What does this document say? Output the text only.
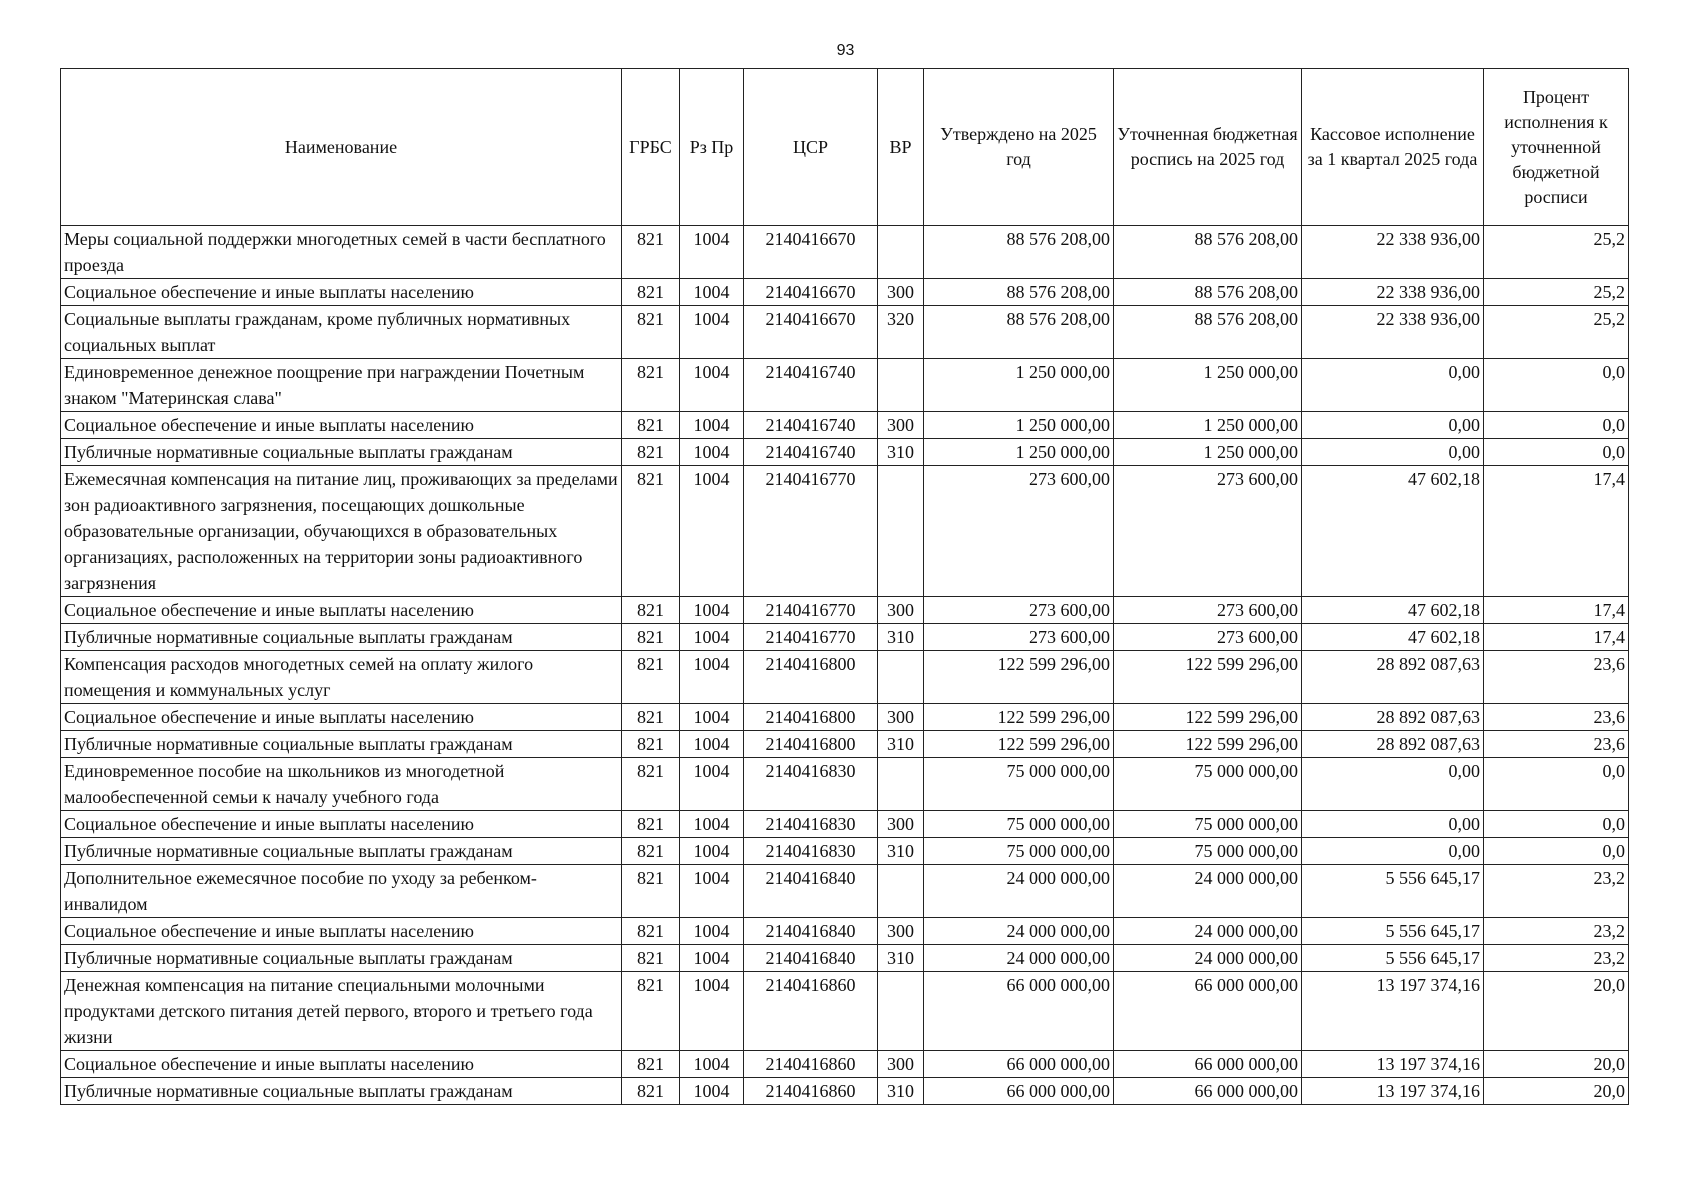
93
Наименование	ГРБС	Рз Пр	ЦСР	ВР	Утверждено на 2025 год	Уточненная бюджетная роспись на 2025 год	Кассовое исполнение за 1 квартал 2025 года	Процент исполнения к уточненной бюджетной росписи
Меры социальной поддержки многодетных семей в части бесплатного проезда	821	1004	2140416670		88 576 208,00	88 576 208,00	22 338 936,00	25,2
Социальное обеспечение и иные выплаты населению	821	1004	2140416670	300	88 576 208,00	88 576 208,00	22 338 936,00	25,2
Социальные выплаты гражданам, кроме публичных нормативных социальных выплат	821	1004	2140416670	320	88 576 208,00	88 576 208,00	22 338 936,00	25,2
Единовременное денежное поощрение при награждении Почетным знаком "Материнская слава"	821	1004	2140416740		1 250 000,00	1 250 000,00	0,00	0,0
Социальное обеспечение и иные выплаты населению	821	1004	2140416740	300	1 250 000,00	1 250 000,00	0,00	0,0
Публичные нормативные социальные выплаты гражданам	821	1004	2140416740	310	1 250 000,00	1 250 000,00	0,00	0,0
Ежемесячная компенсация на питание лиц, проживающих за пределами зон радиоактивного загрязнения, посещающих дошкольные образовательные организации, обучающихся в образовательных организациях, расположенных на территории зоны радиоактивного загрязнения	821	1004	2140416770		273 600,00	273 600,00	47 602,18	17,4
Социальное обеспечение и иные выплаты населению	821	1004	2140416770	300	273 600,00	273 600,00	47 602,18	17,4
Публичные нормативные социальные выплаты гражданам	821	1004	2140416770	310	273 600,00	273 600,00	47 602,18	17,4
Компенсация расходов многодетных семей на оплату жилого помещения и коммунальных услуг	821	1004	2140416800		122 599 296,00	122 599 296,00	28 892 087,63	23,6
Социальное обеспечение и иные выплаты населению	821	1004	2140416800	300	122 599 296,00	122 599 296,00	28 892 087,63	23,6
Публичные нормативные социальные выплаты гражданам	821	1004	2140416800	310	122 599 296,00	122 599 296,00	28 892 087,63	23,6
Единовременное пособие на школьников из многодетной малообеспеченной семьи к началу учебного года	821	1004	2140416830		75 000 000,00	75 000 000,00	0,00	0,0
Социальное обеспечение и иные выплаты населению	821	1004	2140416830	300	75 000 000,00	75 000 000,00	0,00	0,0
Публичные нормативные социальные выплаты гражданам	821	1004	2140416830	310	75 000 000,00	75 000 000,00	0,00	0,0
Дополнительное ежемесячное пособие по уходу за ребенком-инвалидом	821	1004	2140416840		24 000 000,00	24 000 000,00	5 556 645,17	23,2
Социальное обеспечение и иные выплаты населению	821	1004	2140416840	300	24 000 000,00	24 000 000,00	5 556 645,17	23,2
Публичные нормативные социальные выплаты гражданам	821	1004	2140416840	310	24 000 000,00	24 000 000,00	5 556 645,17	23,2
Денежная компенсация на питание специальными молочными продуктами детского питания детей первого, второго и третьего года жизни	821	1004	2140416860		66 000 000,00	66 000 000,00	13 197 374,16	20,0
Социальное обеспечение и иные выплаты населению	821	1004	2140416860	300	66 000 000,00	66 000 000,00	13 197 374,16	20,0
Публичные нормативные социальные выплаты гражданам	821	1004	2140416860	310	66 000 000,00	66 000 000,00	13 197 374,16	20,0
